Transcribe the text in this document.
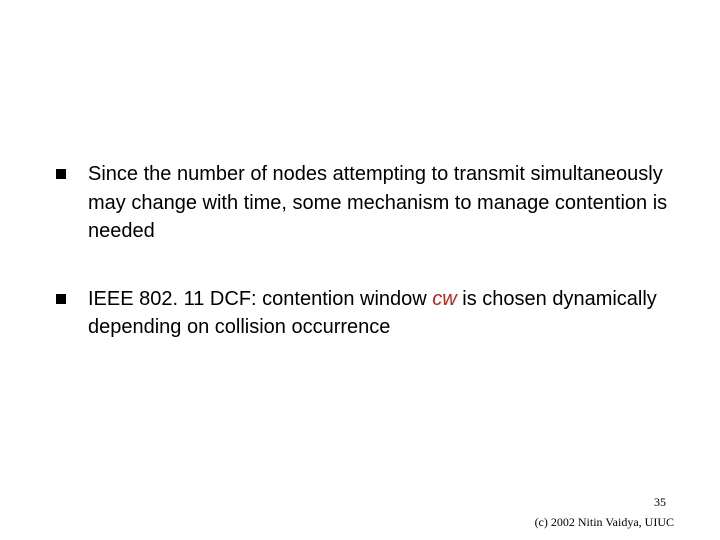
Since the number of nodes attempting to transmit simultaneously may change with time, some mechanism to manage contention is needed
IEEE 802. 11 DCF: contention window cw is chosen dynamically depending on collision occurrence
35
(c) 2002 Nitin Vaidya, UIUC
